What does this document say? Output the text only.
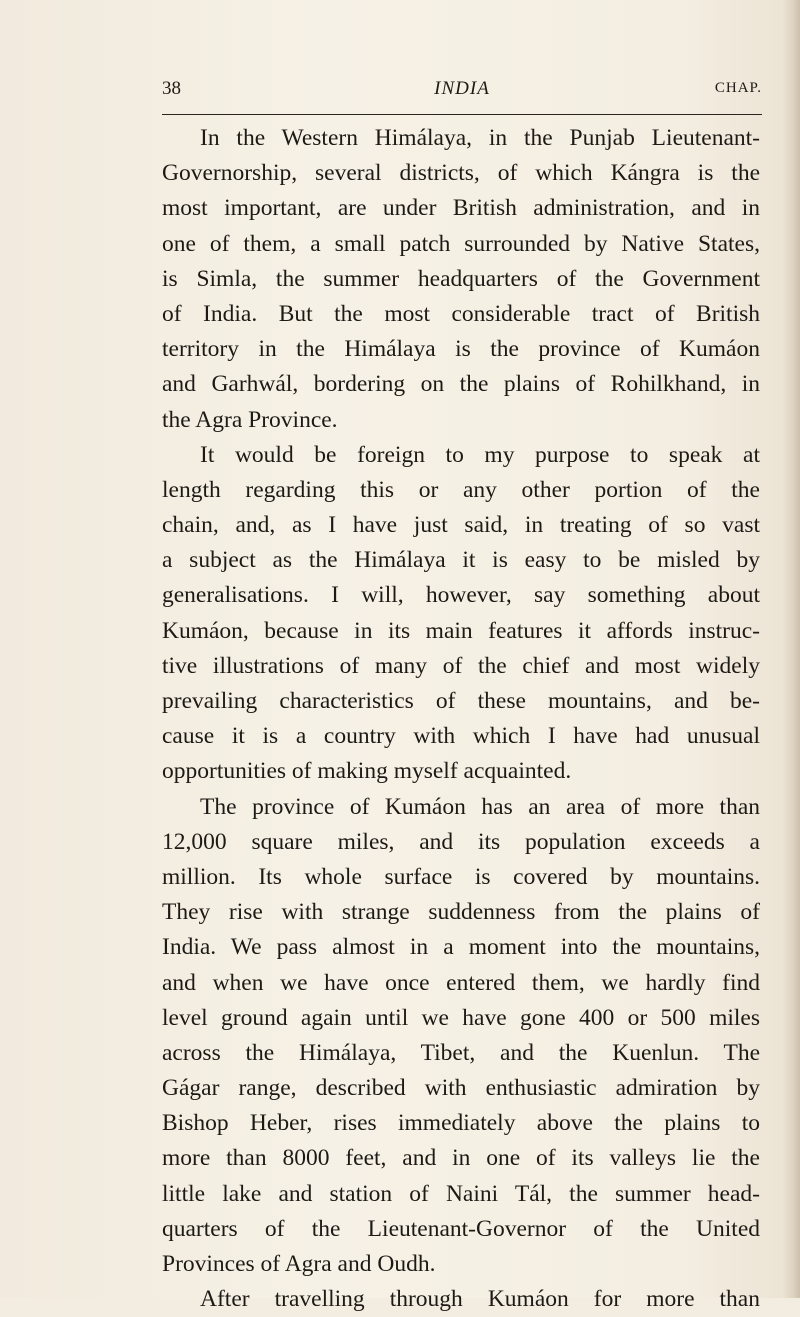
38	INDIA	CHAP.
In the Western Himálaya, in the Punjab Lieutenant-
Governorship, several districts, of which Kángra is the
most important, are under British administration, and in
one of them, a small patch surrounded by Native States,
is Simla, the summer headquarters of the Government
of India. But the most considerable tract of British
territory in the Himálaya is the province of Kumáon
and Garhwál, bordering on the plains of Rohilkhand, in
the Agra Province.
It would be foreign to my purpose to speak at
length regarding this or any other portion of the
chain, and, as I have just said, in treating of so vast
a subject as the Himálaya it is easy to be misled by
generalisations. I will, however, say something about
Kumáon, because in its main features it affords instruc-
tive illustrations of many of the chief and most widely
prevailing characteristics of these mountains, and be-
cause it is a country with which I have had unusual
opportunities of making myself acquainted.
The province of Kumáon has an area of more than
12,000 square miles, and its population exceeds a
million. Its whole surface is covered by mountains.
They rise with strange suddenness from the plains of
India. We pass almost in a moment into the mountains,
and when we have once entered them, we hardly find
level ground again until we have gone 400 or 500 miles
across the Himálaya, Tibet, and the Kuenlun. The
Gágar range, described with enthusiastic admiration by
Bishop Heber, rises immediately above the plains to
more than 8000 feet, and in one of its valleys lie the
little lake and station of Naini Tál, the summer head-
quarters of the Lieutenant-Governor of the United
Provinces of Agra and Oudh.
After travelling through Kumáon for more than
